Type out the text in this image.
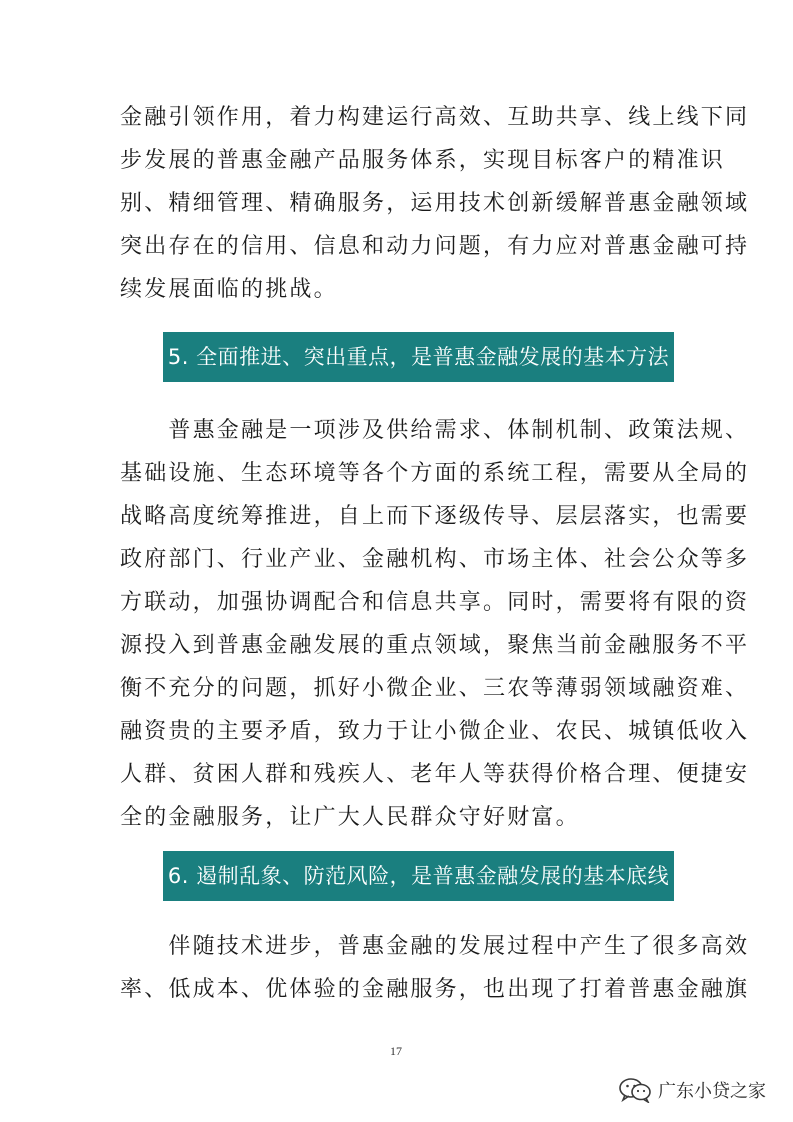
金融引领作用，着力构建运行高效、互助共享、线上线下同

步发展的普惠金融产品服务体系，实现目标客户的精准识

别、精细管理、精确服务，运用技术创新缓解普惠金融领域

突出存在的信用、信息和动力问题，有力应对普惠金融可持

续发展面临的挑战。

5. 全面推进、突出重点，是普惠金融发展的基本方法

　　普惠金融是一项涉及供给需求、体制机制、政策法规、

基础设施、生态环境等各个方面的系统工程，需要从全局的

战略高度统筹推进，自上而下逐级传导、层层落实，也需要

政府部门、行业产业、金融机构、市场主体、社会公众等多

方联动，加强协调配合和信息共享。同时，需要将有限的资

源投入到普惠金融发展的重点领域，聚焦当前金融服务不平

衡不充分的问题，抓好小微企业、三农等薄弱领域融资难、

融资贵的主要矛盾，致力于让小微企业、农民、城镇低收入

人群、贫困人群和残疾人、老年人等获得价格合理、便捷安

全的金融服务，让广大人民群众守好财富。

6. 遏制乱象、防范风险，是普惠金融发展的基本底线

　　伴随技术进步，普惠金融的发展过程中产生了很多高效

率、低成本、优体验的金融服务，也出现了打着普惠金融旗

17
广东小贷之家
